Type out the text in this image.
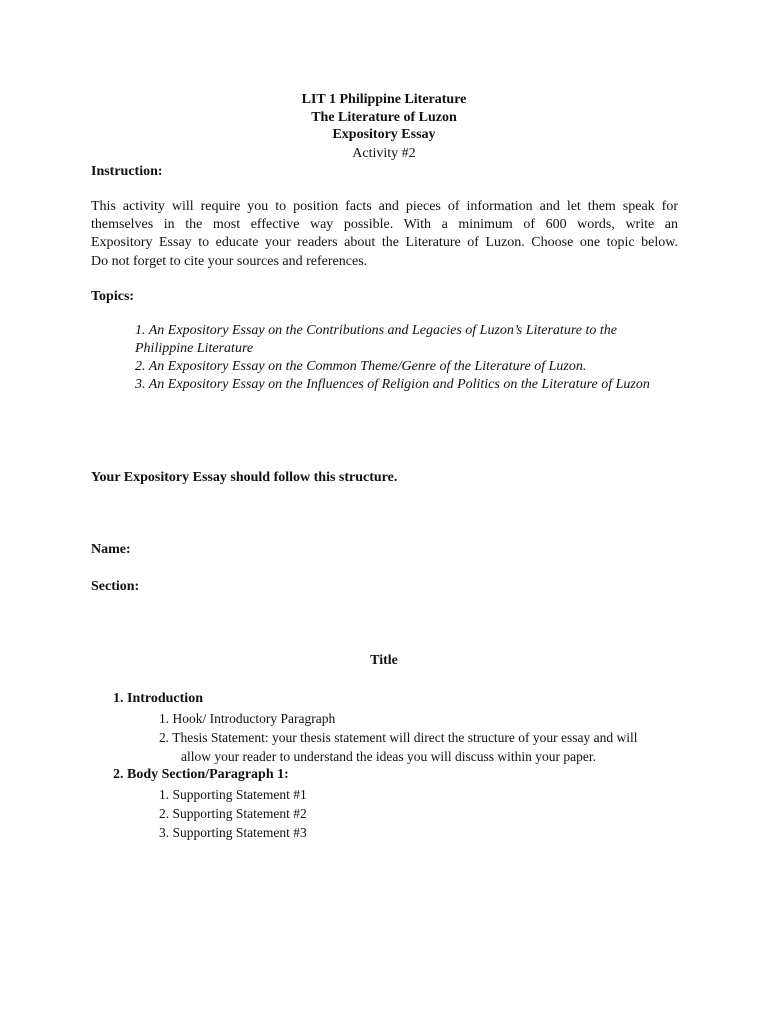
LIT 1 Philippine Literature
The Literature of Luzon
Expository Essay
Activity #2
Instruction:
This activity will require you to position facts and pieces of information and let them speak for
themselves in the most effective way possible. With a minimum of 600 words, write an
Expository Essay to educate your readers about the Literature of Luzon. Choose one topic below.
Do not forget to cite your sources and references.
Topics:
1. An Expository Essay on the Contributions and Legacies of Luzon’s Literature to the Philippine Literature
2. An Expository Essay on the Common Theme/Genre of the Literature of Luzon.
3. An Expository Essay on the Influences of Religion and Politics on the Literature of Luzon
Your Expository Essay should follow this structure.
Name:
Section:
Title
1. Introduction
1. Hook/ Introductory Paragraph
2. Thesis Statement: your thesis statement will direct the structure of your essay and will
allow your reader to understand the ideas you will discuss within your paper.
2. Body Section/Paragraph 1:
1. Supporting Statement #1
2. Supporting Statement #2
3. Supporting Statement #3
